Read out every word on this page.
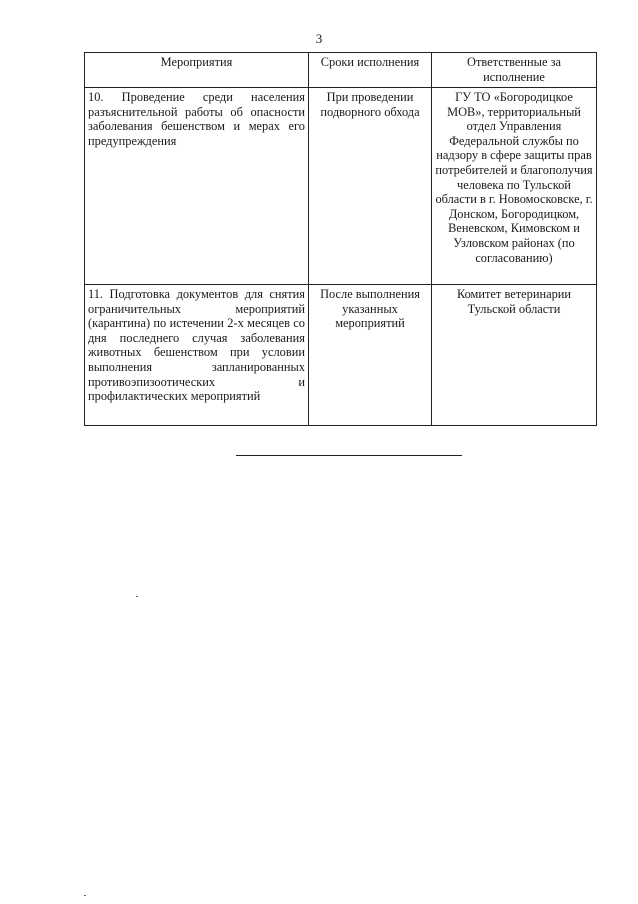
3
Мероприятия	Сроки исполнения	Ответственные за исполнение
10. Проведение среди населения разъяснительной работы об опасности заболевания бешенством и мерах его предупреждения	При проведении подворного обхода	ГУ ТО «Богородицкое МОВ», территориальный отдел Управления Федеральной службы по надзору в сфере защиты прав потребителей и благополучия человека по Тульской области в г. Новомосковске, г. Донском, Богородицком, Веневском, Кимовском и Узловском районах (по согласованию)
11. Подготовка документов для снятия ограничительных мероприятий (карантина) по истечении 2-х месяцев со дня последнего случая заболевания животных бешенством при условии выполнения запланированных противоэпизоотических и профилактических мероприятий	После выполнения указанных мероприятий	Комитет ветеринарии Тульской области
